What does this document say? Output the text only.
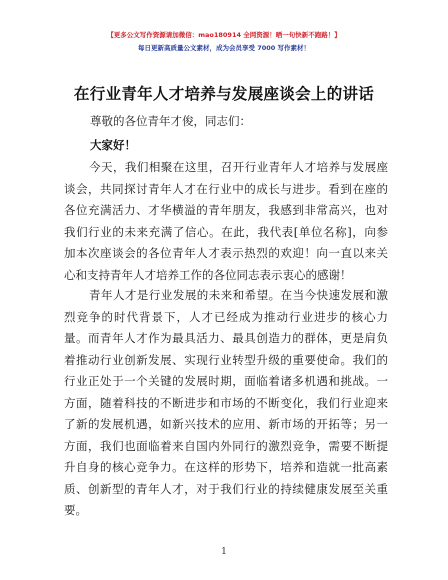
【更多公文写作资源请加微信：mao180914 全网资源！晒一句快新不跑路！】
每日更新高质量公文素材，成为会员享受 7000 写作素材！
在行业青年人才培养与发展座谈会上的讲话
尊敬的各位青年才俊，同志们：
大家好！
今天，我们相聚在这里，召开行业青年人才培养与发展座
谈会，共同探讨青年人才在行业中的成长与进步。看到在座的
各位充满活力、才华横溢的青年朋友，我感到非常高兴，也对
我们行业的未来充满了信心。在此，我代表[单位名称]，向参
加本次座谈会的各位青年人才表示热烈的欢迎！向一直以来关
心和支持青年人才培养工作的各位同志表示衷心的感谢！
青年人才是行业发展的未来和希望。在当今快速发展和激
烈竞争的时代背景下，人才已经成为推动行业进步的核心力
量。而青年人才作为最具活力、最具创造力的群体，更是肩负
着推动行业创新发展、实现行业转型升级的重要使命。我们的
行业正处于一个关键的发展时期，面临着诸多机遇和挑战。一
方面，随着科技的不断进步和市场的不断变化，我们行业迎来
了新的发展机遇，如新兴技术的应用、新市场的开拓等；另一
方面，我们也面临着来自国内外同行的激烈竞争，需要不断提
升自身的核心竞争力。在这样的形势下，培养和造就一批高素
质、创新型的青年人才，对于我们行业的持续健康发展至关重
要。
1
